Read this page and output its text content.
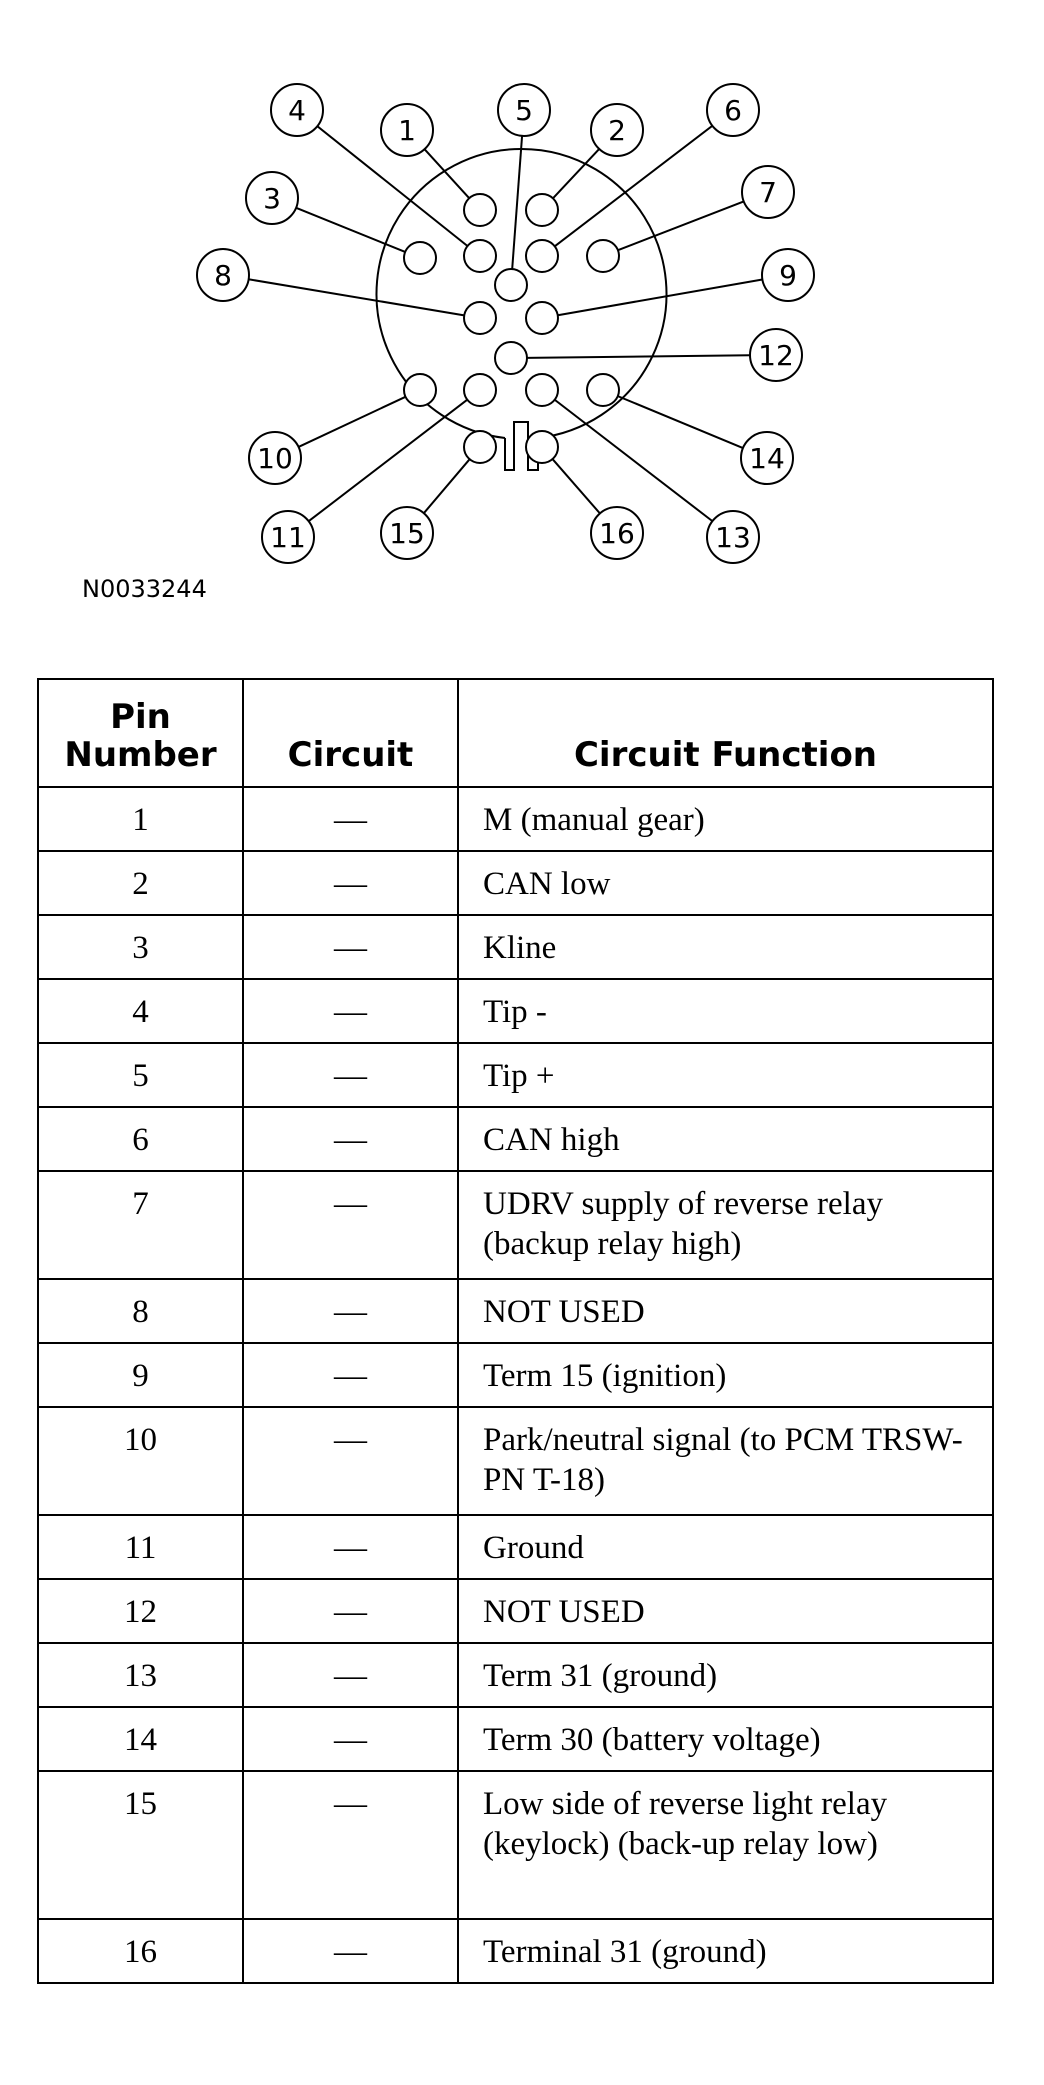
1	2
3
4	5	6
7
8	9
10
11
12
13
14
15	16
N0033244
Pin
Number	Circuit	Circuit Function
1	—	M (manual gear)
2	—	CAN low
3	—	Kline
4	—	Tip -
5	—	Tip +
6	—	CAN high
7	—	UDRV supply of reverse relay (backup relay high)
8	—	NOT USED
9	—	Term 15 (ignition)
10	—	Park/neutral signal (to PCM TRSW-PN T-18)
11	—	Ground
12	—	NOT USED
13	—	Term 31 (ground)
14	—	Term 30 (battery voltage)
15	—	Low side of reverse light relay (keylock) (back-up relay low)
16	—	Terminal 31 (ground)
